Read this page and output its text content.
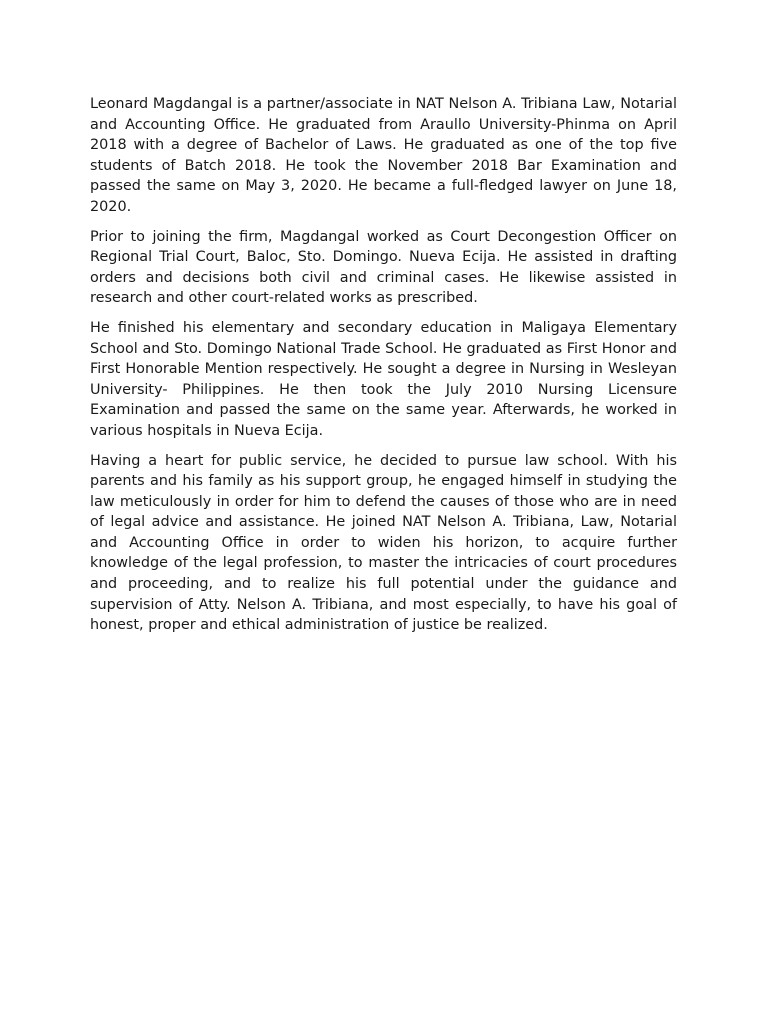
Leonard Magdangal is a partner/associate in NAT Nelson A. Tribiana Law, Notarial and Accounting Office. He graduated from Araullo University-Phinma on April 2018 with a degree of Bachelor of Laws. He graduated as one of the top five students of Batch 2018. He took the November 2018 Bar Examination and passed the same on May 3, 2020. He became a full-fledged lawyer on June 18, 2020.

Prior to joining the firm, Magdangal worked as Court Decongestion Officer on Regional Trial Court, Baloc, Sto. Domingo. Nueva Ecija. He assisted in drafting orders and decisions both civil and criminal cases. He likewise assisted in research and other court-related works as prescribed.

He finished his elementary and secondary education in Maligaya Elementary School and Sto. Domingo National Trade School. He graduated as First Honor and First Honorable Mention respectively. He sought a degree in Nursing in Wesleyan University- Philippines. He then took the July 2010 Nursing Licensure Examination and passed the same on the same year. Afterwards, he worked in various hospitals in Nueva Ecija.

Having a heart for public service, he decided to pursue law school. With his parents and his family as his support group, he engaged himself in studying the law meticulously in order for him to defend the causes of those who are in need of legal advice and assistance. He joined NAT Nelson A. Tribiana, Law, Notarial and Accounting Office in order to widen his horizon, to acquire further knowledge of the legal profession, to master the intricacies of court procedures and proceeding, and to realize his full potential under the guidance and supervision of Atty. Nelson A. Tribiana, and most especially, to have his goal of honest, proper and ethical administration of justice be realized.
